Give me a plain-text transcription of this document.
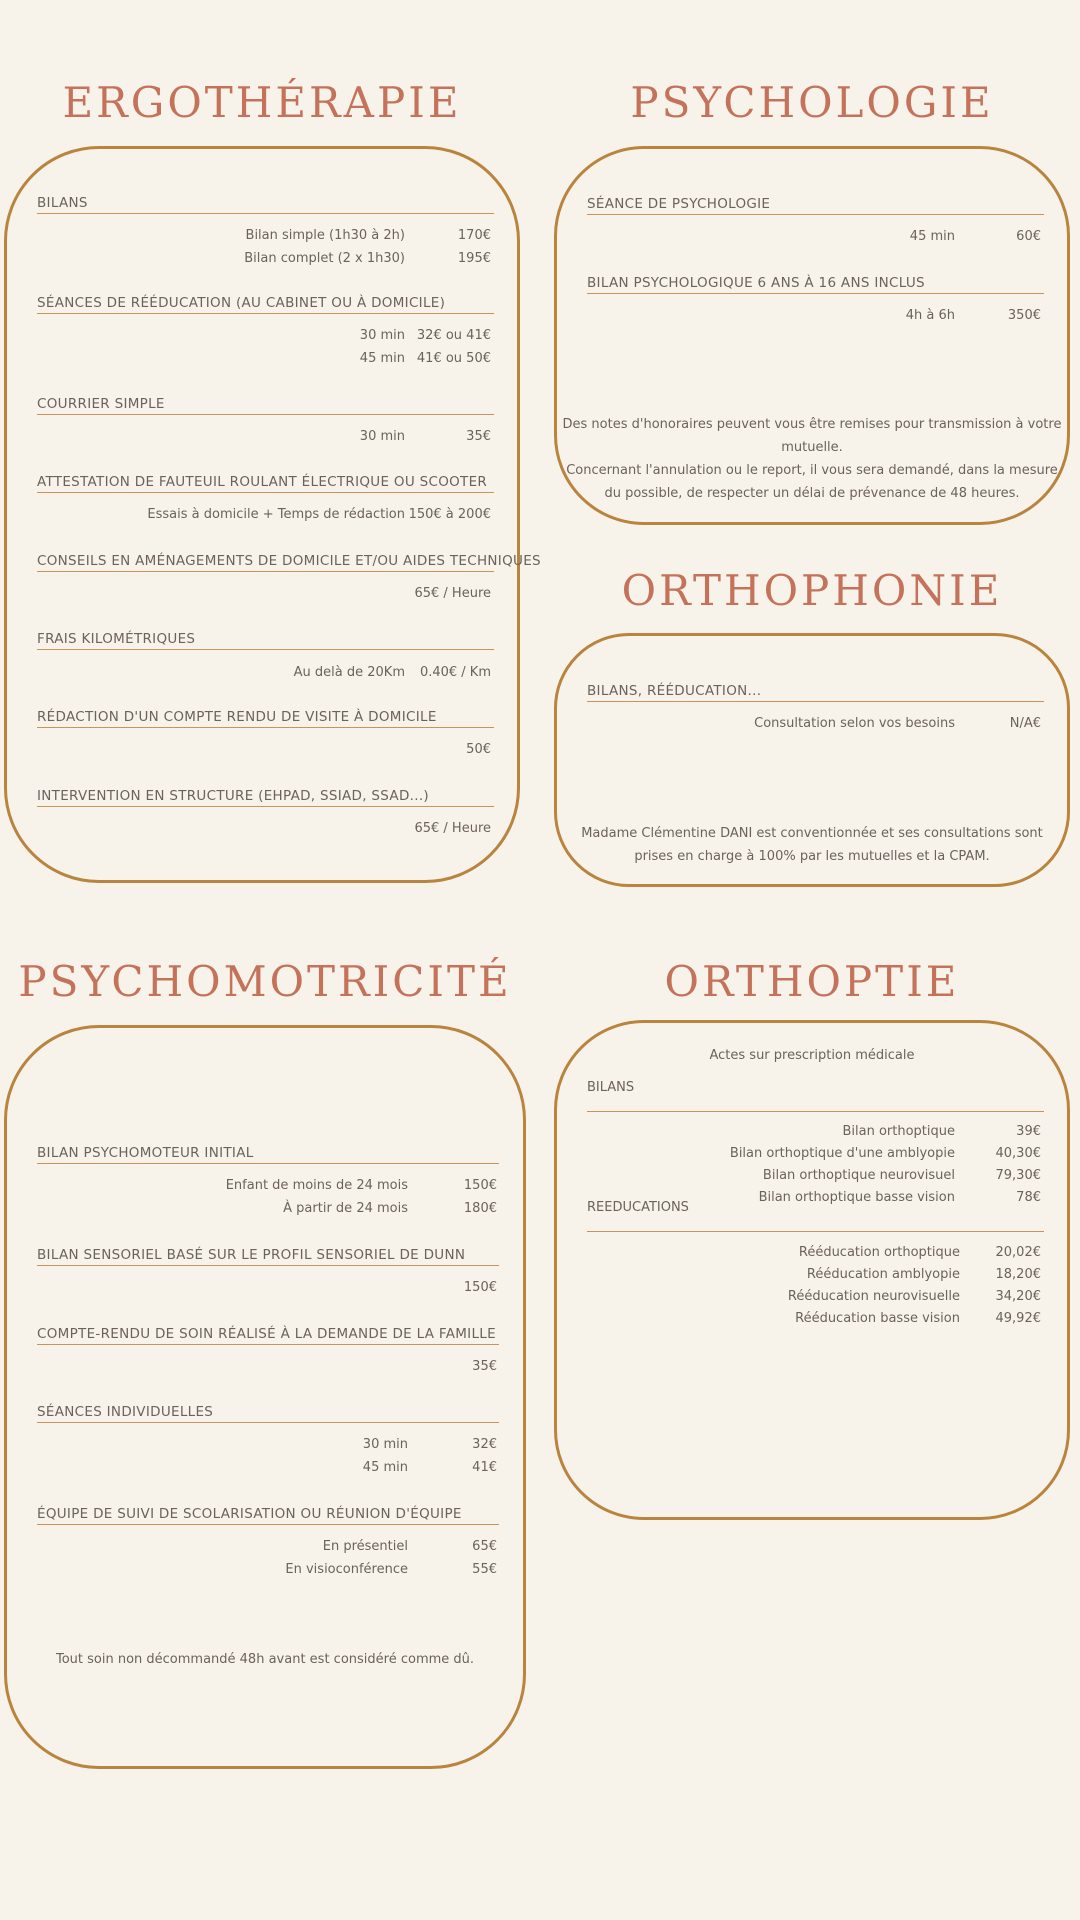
ERGOTHÉRAPIE
BILANS
Bilan simple (1h30 à 2h)	170€
Bilan complet (2 x 1h30)	195€
SÉANCES DE RÉÉDUCATION (AU CABINET OU À DOMICILE)
30 min 32€ ou 41€
45 min 41€ ou 50€
COURRIER SIMPLE
30 min	35€
ATTESTATION DE FAUTEUIL ROULANT ÉLECTRIQUE OU SCOOTER
Essais à domicile + Temps de rédaction 150€ à 200€
CONSEILS EN AMÉNAGEMENTS DE DOMICILE ET/OU AIDES TECHNIQUES
65€ / Heure
FRAIS KILOMÉTRIQUES
Au delà de 20Km 0.40€ / Km
RÉDACTION D'UN COMPTE RENDU DE VISITE À DOMICILE
50€
INTERVENTION EN STRUCTURE (EHPAD, SSIAD, SSAD...)
65€ / Heure
PSYCHOLOGIE
SÉANCE DE PSYCHOLOGIE
45 min	60€
BILAN PSYCHOLOGIQUE 6 ANS À 16 ANS INCLUS
4h à 6h	350€
Des notes d'honoraires peuvent vous être remises pour transmission à votre mutuelle.
Concernant l'annulation ou le report, il vous sera demandé, dans la mesure du possible, de respecter un délai de prévenance de 48 heures.
ORTHOPHONIE
BILANS, RÉÉDUCATION...
Consultation selon vos besoins	N/A€
Madame Clémentine DANI est conventionnée et ses consultations sont prises en charge à 100% par les mutuelles et la CPAM.
PSYCHOMOTRICITÉ
BILAN PSYCHOMOTEUR INITIAL
Enfant de moins de 24 mois	150€
À partir de 24 mois	180€
BILAN SENSORIEL BASÉ SUR LE PROFIL SENSORIEL DE DUNN
150€
COMPTE-RENDU DE SOIN RÉALISÉ À LA DEMANDE DE LA FAMILLE
35€
SÉANCES INDIVIDUELLES
30 min	32€
45 min	41€
ÉQUIPE DE SUIVI DE SCOLARISATION OU RÉUNION D'ÉQUIPE
En présentiel	65€
En visioconférence	55€
Tout soin non décommandé 48h avant est considéré comme dû.
ORTHOPTIE
Actes sur prescription médicale
BILANS
Bilan orthoptique	39€
Bilan orthoptique d'une amblyopie	40,30€
Bilan orthoptique neurovisuel	79,30€
Bilan orthoptique basse vision	78€
REEDUCATIONS
Rééducation orthoptique	20,02€
Rééducation amblyopie	18,20€
Rééducation neurovisuelle	34,20€
Rééducation basse vision	49,92€
